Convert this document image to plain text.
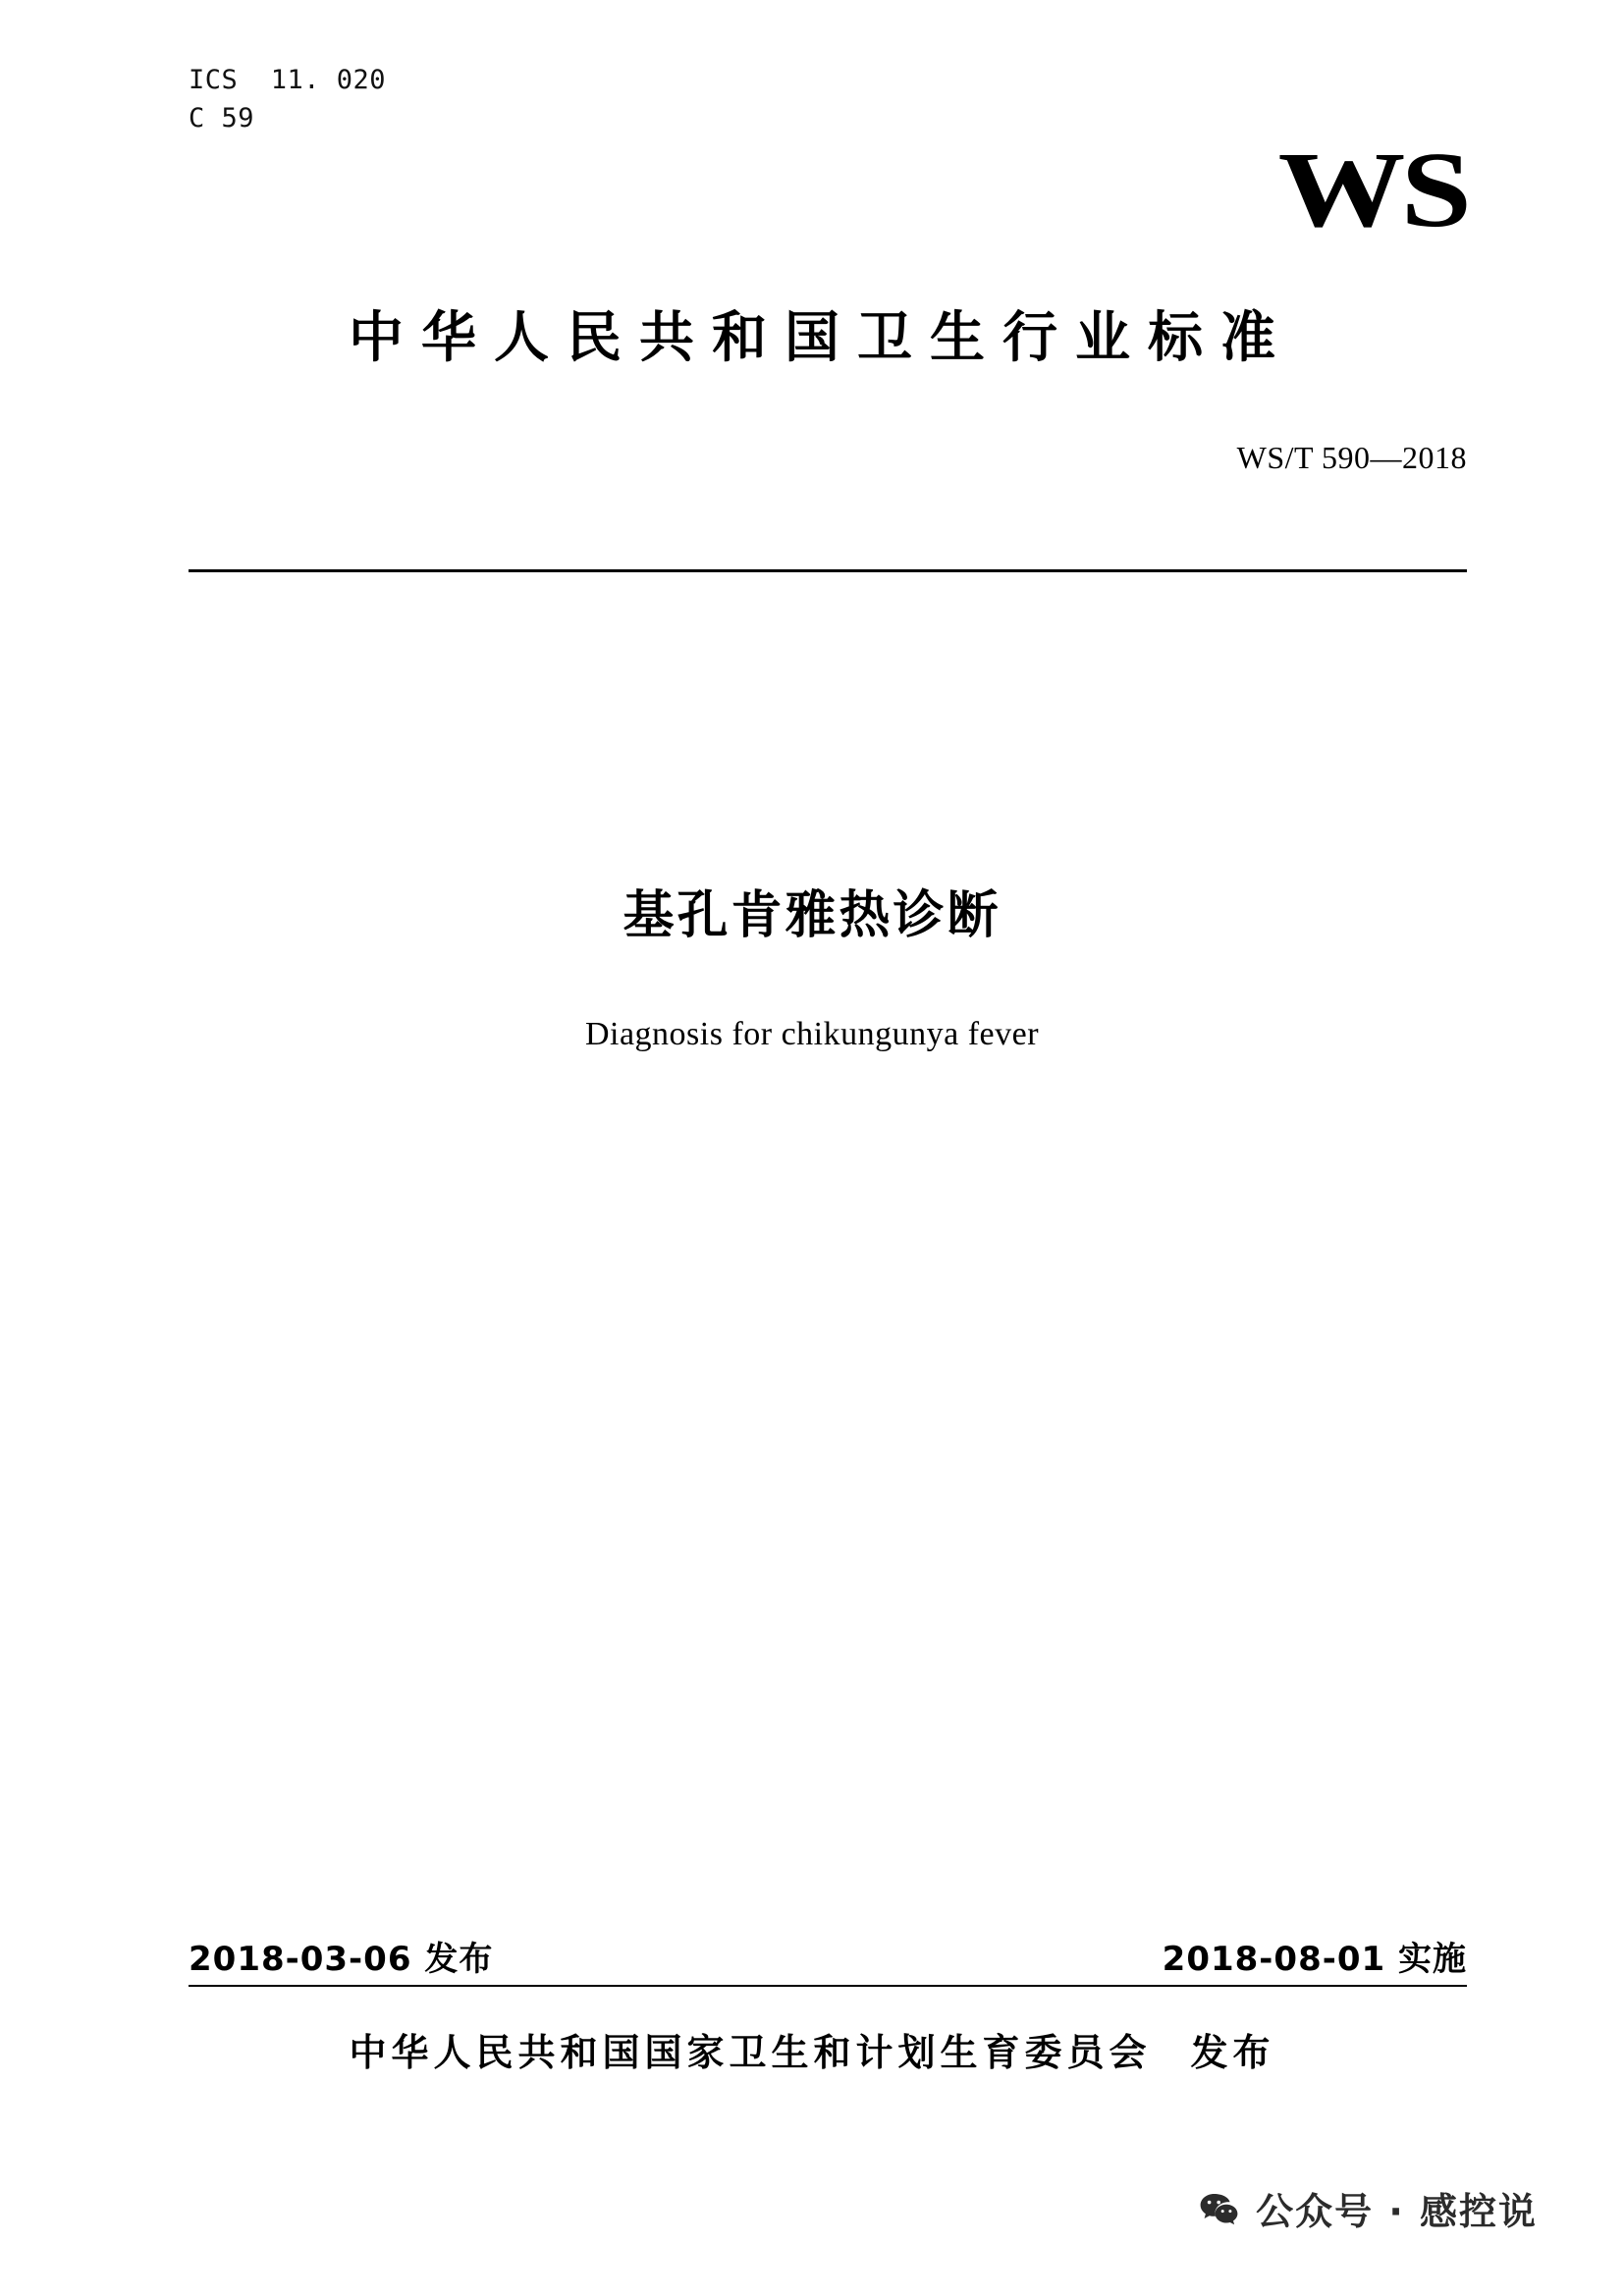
ICS  11. 020
C 59
WS
中华人民共和国卫生行业标准
WS/T 590—2018
基孔肯雅热诊断
Diagnosis for chikungunya fever
2018-03-06 发布	2018-08-01 实施
中华人民共和国国家卫生和计划生育委员会 发布
公众号 · 感控说
